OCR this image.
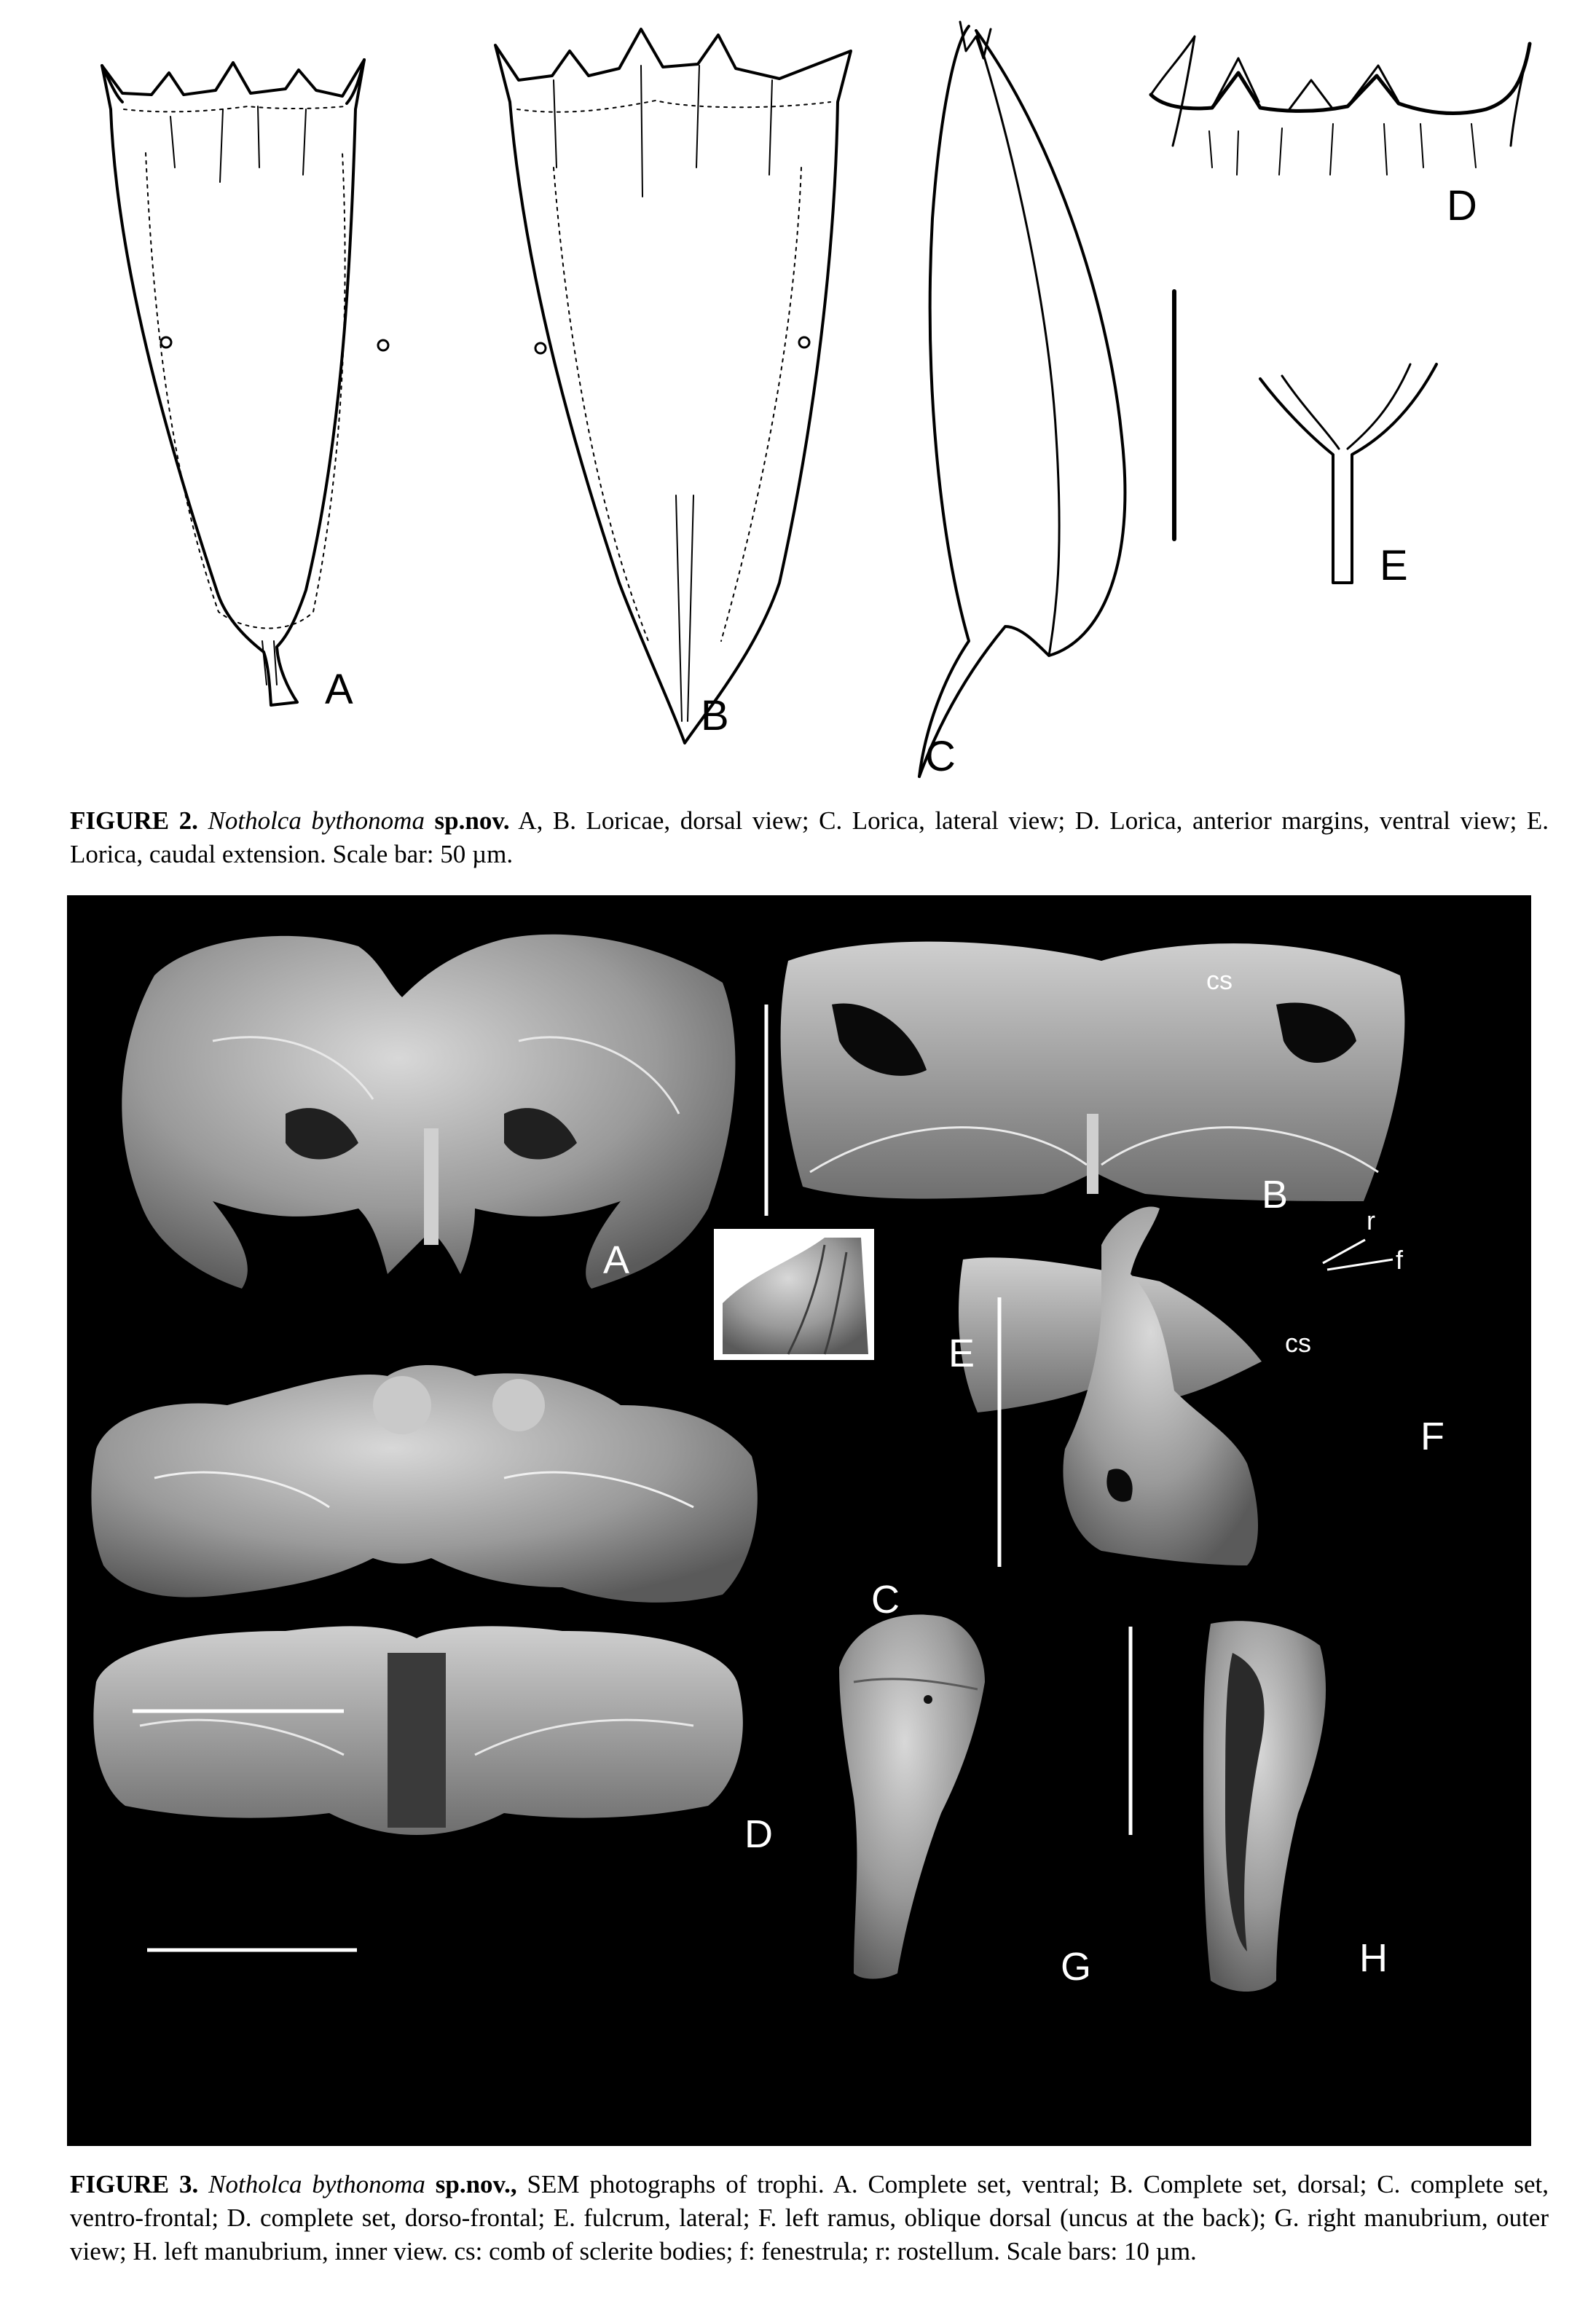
A
B
C
D
E
FIGURE 2. Notholca bythonoma sp.nov. A, B. Loricae, dorsal view; C. Lorica, lateral view; D. Lorica, anterior margins, ventral view; E. Lorica, caudal extension. Scale bar: 50 µm.
A
B
C
D
E
F
G	H
cs
cs
r
f
FIGURE 3. Notholca bythonoma sp.nov., SEM photographs of trophi. A. Complete set, ventral; B. Complete set, dorsal; C. complete set, ventro-frontal; D. complete set, dorso-frontal; E. fulcrum, lateral; F. left ramus, oblique dorsal (uncus at the back); G. right manubrium, outer view; H. left manubrium, inner view. cs: comb of sclerite bodies; f: fenestrula; r: rostellum. Scale bars: 10 µm.
